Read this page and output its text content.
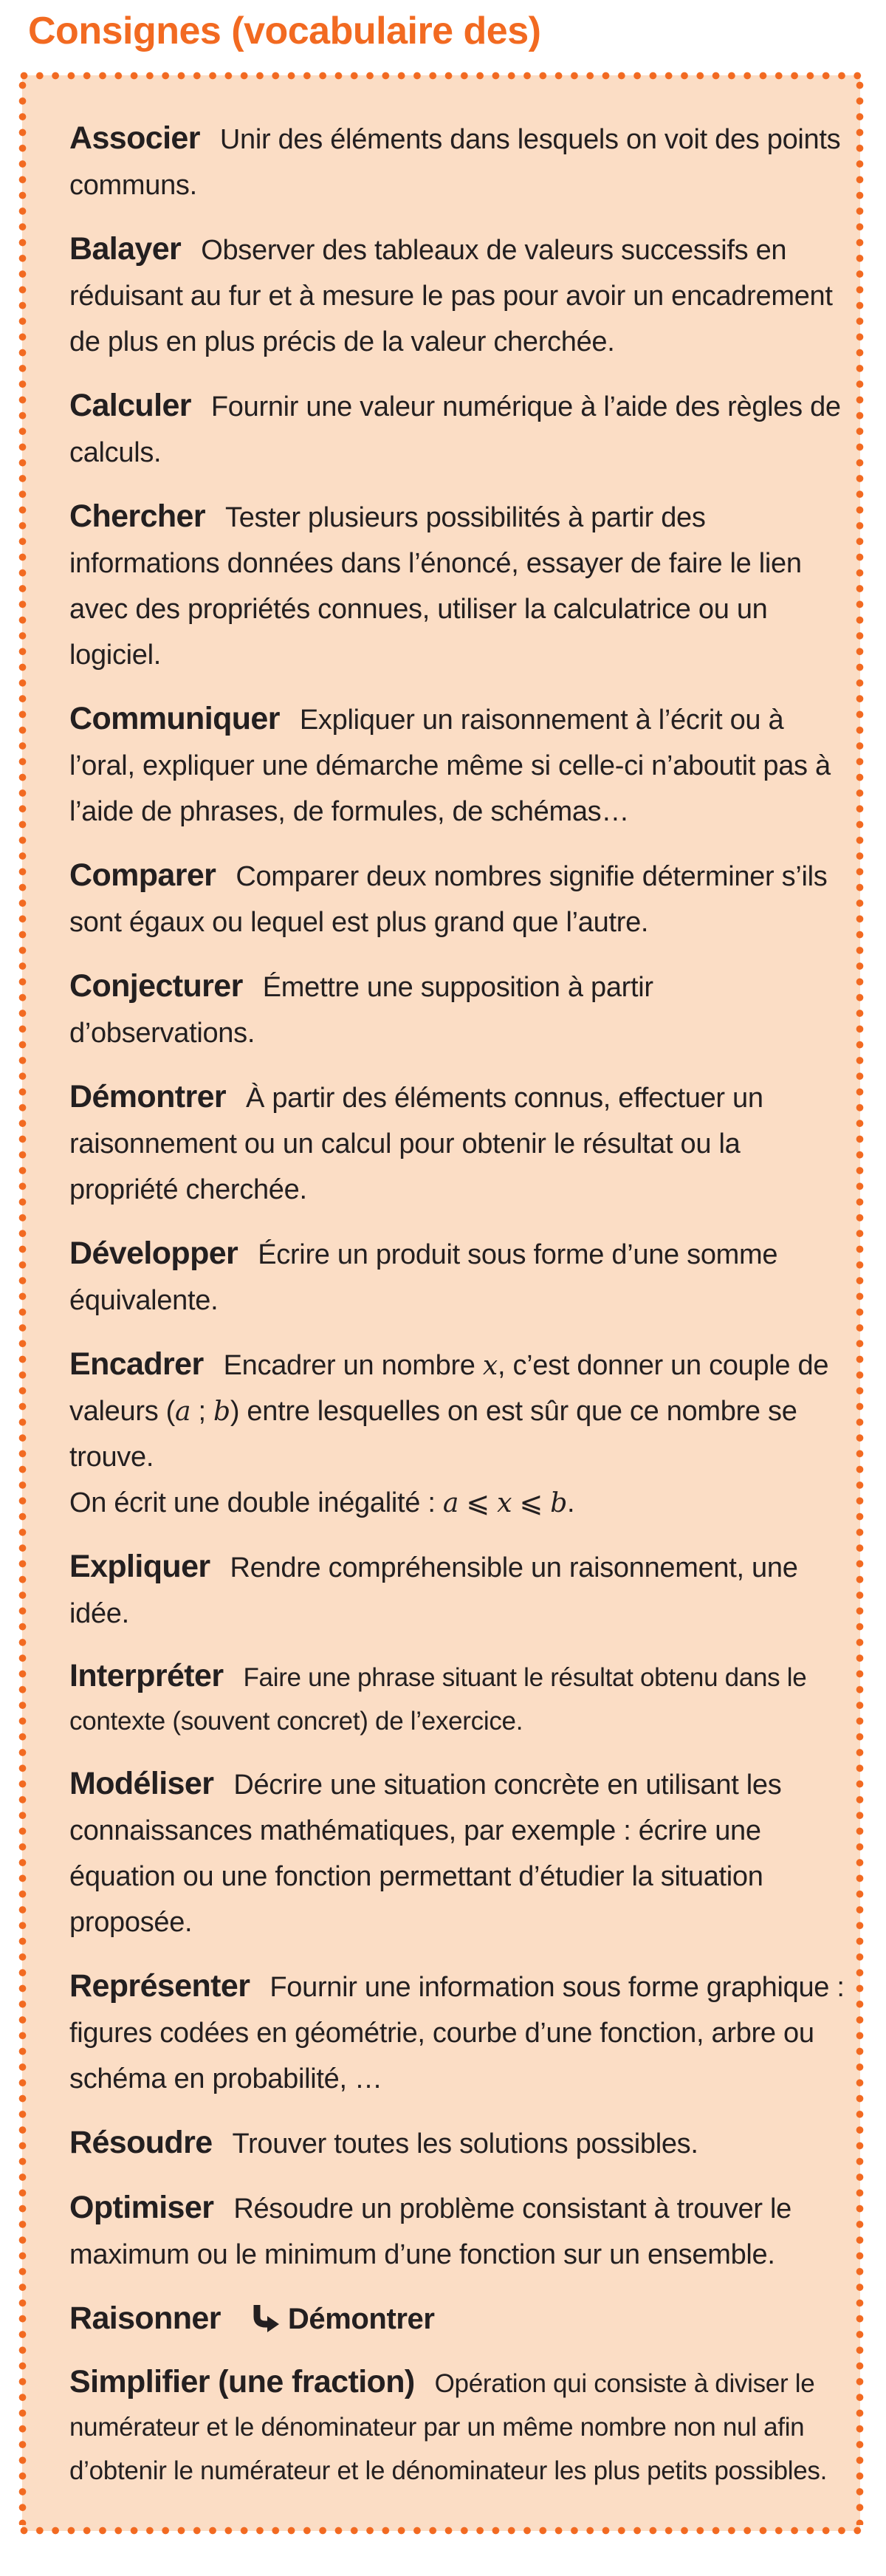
Consignes (vocabulaire des)
Associer Unir des éléments dans lesquels on voit des points communs.
Balayer Observer des tableaux de valeurs successifs en réduisant au fur et à mesure le pas pour avoir un encadrement de plus en plus précis de la valeur cherchée.
Calculer Fournir une valeur numérique à l’aide des règles de calculs.
Chercher Tester plusieurs possibilités à partir des informations données dans l’énoncé, essayer de faire le lien avec des propriétés connues, utiliser la calculatrice ou un logiciel.
Communiquer Expliquer un raisonnement à l’écrit ou à l’oral, expliquer une démarche même si celle-ci n’aboutit pas à l’aide de phrases, de formules, de schémas…
Comparer Comparer deux nombres signifie déterminer s’ils sont égaux ou lequel est plus grand que l’autre.
Conjecturer Émettre une supposition à partir d’observations.
Démontrer À partir des éléments connus, effectuer un raisonnement ou un calcul pour obtenir le résultat ou la propriété cherchée.
Développer Écrire un produit sous forme d’une somme équivalente.
Encadrer Encadrer un nombre x, c’est donner un couple de valeurs (a ; b) entre lesquelles on est sûr que ce nombre se trouve.
On écrit une double inégalité : a ⩽ x ⩽ b.
Expliquer Rendre compréhensible un raisonnement, une idée.
Interpréter Faire une phrase situant le résultat obtenu dans le contexte (souvent concret) de l’exercice.
Modéliser Décrire une situation concrète en utilisant les connaissances mathématiques, par exemple : écrire une équation ou une fonction permettant d’étudier la situation proposée.
Représenter Fournir une information sous forme graphique : figures codées en géométrie, courbe d’une fonction, arbre ou schéma en probabilité, …
Résoudre Trouver toutes les solutions possibles.
Optimiser Résoudre un problème consistant à trouver le maximum ou le minimum d’une fonction sur un ensemble.
Raisonner Démontrer
Simplifier (une fraction) Opération qui consiste à diviser le numérateur et le dénominateur par un même nombre non nul afin d’obtenir le numérateur et le dénominateur les plus petits possibles.
